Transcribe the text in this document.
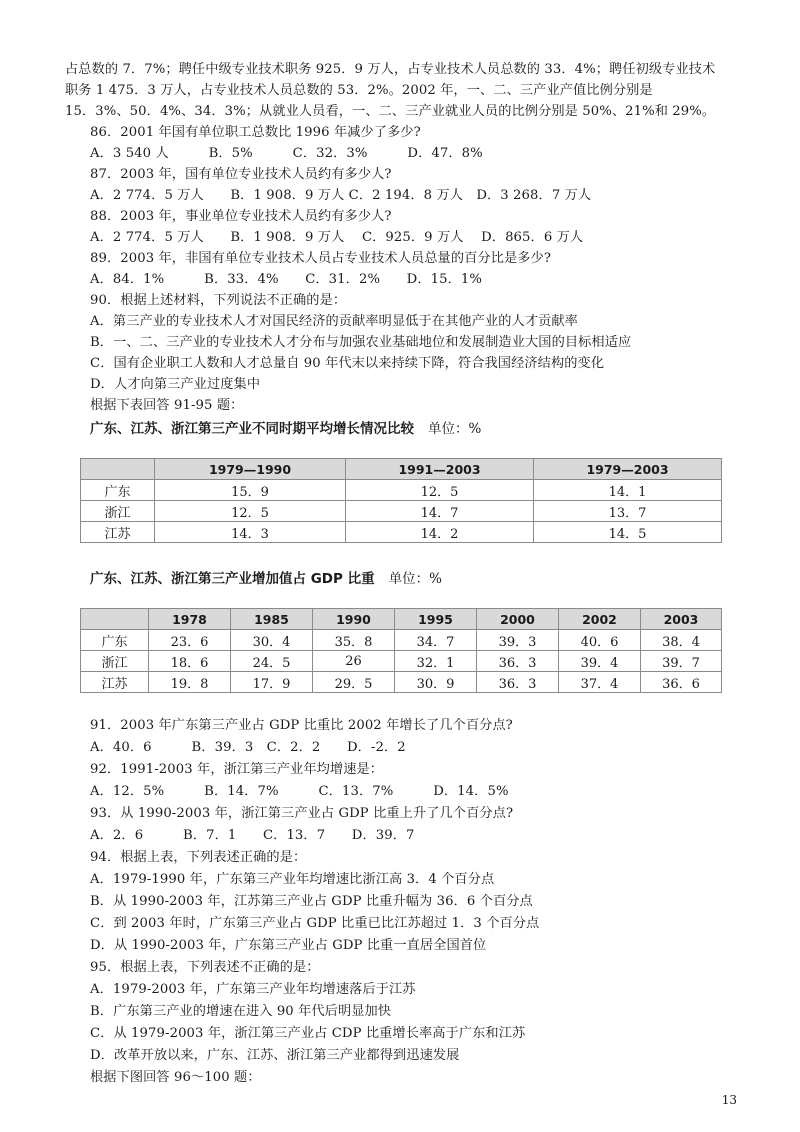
占总数的 7．7%；聘任中级专业技术职务 925．9 万人，占专业技术人员总数的 33．4%；聘任初级专业技术
职务 1 475．3 万人，占专业技术人员总数的 53．2%。2002 年，一、二、三产业产值比例分别是
15．3%、50．4%、34．3%；从就业人员看，一、二、三产业就业人员的比例分别是 50%、21%和 29%。
86．2001 年国有单位职工总数比 1996 年减少了多少?
A．3 540 人　　　B．5%　　　C．32．3%　　　D．47．8%
87．2003 年，国有单位专业技术人员约有多少人?
A．2 774．5 万人　　B．1 908．9 万人 C．2 194．8 万人　D．3 268．7 万人
88．2003 年，事业单位专业技术人员约有多少人?
A．2 774．5 万人　　B．1 908．9 万人　 C．925．9 万人　 D．865．6 万人
89．2003 年，非国有单位专业技术人员占专业技术人员总量的百分比是多少?
A．84．1%　　　B．33．4%　　C．31．2%　　D．15．1%
90．根据上述材料，下列说法不正确的是：
A．第三产业的专业技术人才对国民经济的贡献率明显低于在其他产业的人才贡献率
B．一、二、三产业的专业技术人才分布与加强农业基础地位和发展制造业大国的目标相适应
C．国有企业职工人数和人才总量自 90 年代末以来持续下降，符合我国经济结构的变化
D．人才向第三产业过度集中
根据下表回答 91-95 题：
广东、江苏、浙江第三产业不同时期平均增长情况比较 单位：%
	1979—1990	1991—2003	1979—2003
广东	15．9	12．5	14．1
浙江	12．5	14．7	13．7
江苏	14．3	14．2	14．5
广东、江苏、浙江第三产业增加值占 GDP 比重 单位：%
	1978	1985	1990	1995	2000	2002	2003
广东	23．6	30．4	35．8	34．7	39．3	40．6	38．4
浙江	18．6	24．5	26	32．1	36．3	39．4	39．7
江苏	19．8	17．9	29．5	30．9	36．3	37．4	36．6
91．2003 年广东第三产业占 GDP 比重比 2002 年增长了几个百分点?
A．40．6　　　B．39．3　C．2．2　　D．-2．2
92．1991-2003 年，浙江第三产业年均增速是：
A．12．5%　　　B．14．7%　　　C．13．7%　　　D．14．5%
93．从 1990-2003 年，浙江第三产业占 GDP 比重上升了几个百分点?
A．2．6　　　B．7．1　　C．13．7　　D．39．7
94．根据上表，下列表述正确的是：
A．1979-1990 年，广东第三产业年均增速比浙江高 3．4 个百分点
B．从 1990-2003 年，江苏第三产业占 GDP 比重升幅为 36．6 个百分点
C．到 2003 年时，广东第三产业占 GDP 比重已比江苏超过 1．3 个百分点
D．从 1990-2003 年，广东第三产业占 GDP 比重一直居全国首位
95．根据上表，下列表述不正确的是：
A．1979-2003 年，广东第三产业年均增速落后于江苏
B．广东第三产业的增速在进入 90 年代后明显加快
C．从 1979-2003 年，浙江第三产业占 CDP 比重增长率高于广东和江苏
D．改革开放以来，广东、江苏、浙江第三产业都得到迅速发展
根据下图回答 96～100 题：
13
